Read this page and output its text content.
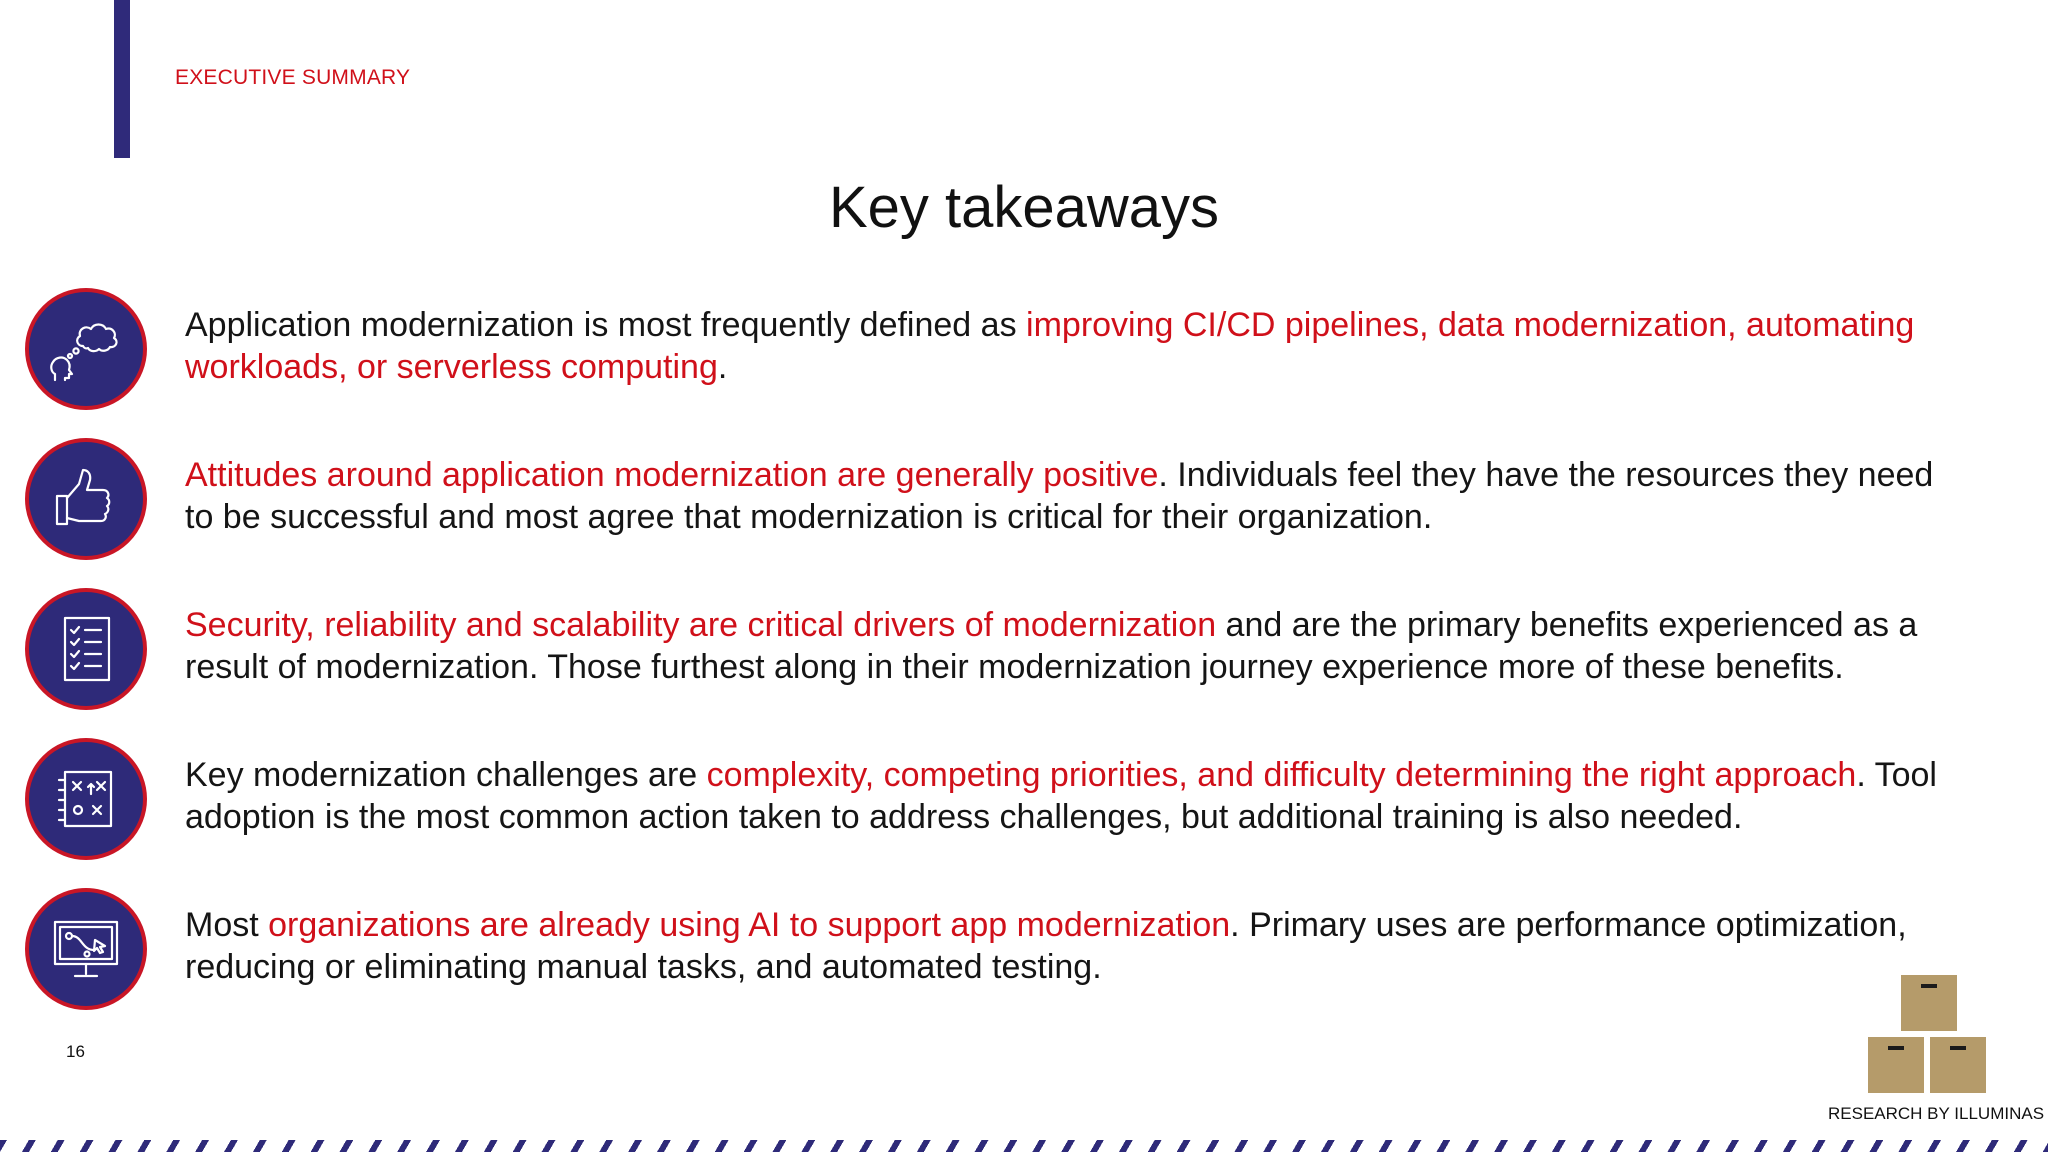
EXECUTIVE SUMMARY
Key takeaways
Application modernization is most frequently defined as improving CI/CD pipelines, data modernization, automating workloads, or serverless computing.
Attitudes around application modernization are generally positive. Individuals feel they have the resources they need to be successful and most agree that modernization is critical for their organization.
Security, reliability and scalability are critical drivers of modernization and are the primary benefits experienced as a result of modernization. Those furthest along in their modernization journey experience more of these benefits.
Key modernization challenges are complexity, competing priorities, and difficulty determining the right approach. Tool adoption is the most common action taken to address challenges, but additional training is also needed.
Most organizations are already using AI to support app modernization. Primary uses are performance optimization, reducing or eliminating manual tasks, and automated testing.
16
RESEARCH BY ILLUMINAS
